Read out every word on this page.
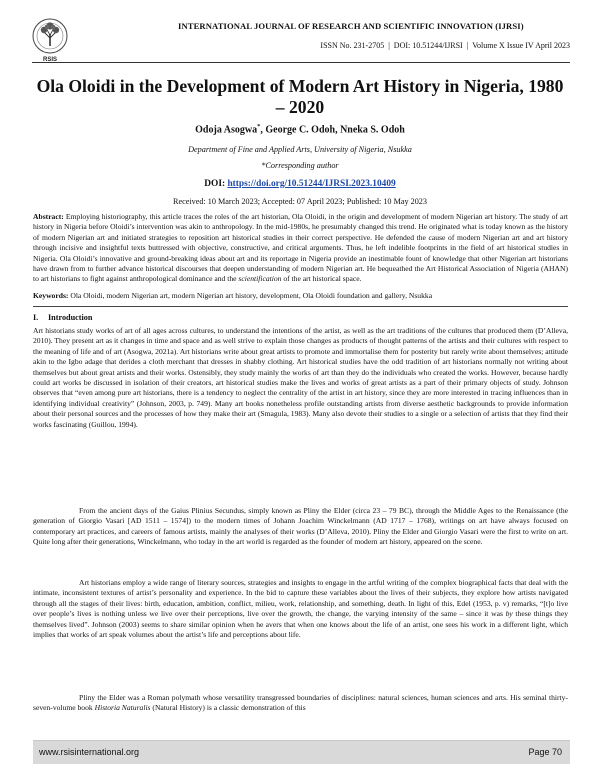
RSIS
INTERNATIONAL JOURNAL OF RESEARCH AND SCIENTIFIC INNOVATION (IJRSI)
ISSN No. 231-2705 | DOI: 10.51244/IJRSI | Volume X Issue IV April 2023
Ola Oloidi in the Development of Modern Art History in Nigeria, 1980 – 2020
Odoja Asogwa*, George C. Odoh, Nneka S. Odoh
Department of Fine and Applied Arts, University of Nigeria, Nsukka
*Corresponding author
DOI: https://doi.org/10.51244/IJRSI.2023.10409
Received: 10 March 2023; Accepted: 07 April 2023; Published: 10 May 2023

Abstract: Employing historiography, this article traces the roles of the art historian, Ola Oloidi, in the origin and development of modern Nigerian art history. The study of art history in Nigeria before Oloidi’s intervention was akin to anthropology. In the mid-1980s, he presumably changed this trend. He originated what is today known as the history of modern Nigerian art and initiated strategies to reposition art historical studies in their correct perspective. He defended the cause of modern Nigerian art and art history through incisive and insightful texts buttressed with objective, constructive, and critical arguments. Thus, he left indelible footprints in the field of art historical studies in Nigeria. Ola Oloidi’s innovative and ground-breaking ideas about art and its reportage in Nigeria provide an inestimable fount of knowledge that other Nigerian art historians have drawn from to further advance historical discourses that deepen understanding of modern Nigerian art. He bequeathed the Art Historical Association of Nigeria (AHAN) to art historians to fight against anthropological dominance and the scientification of the art historical space.

Keywords: Ola Oloidi, modern Nigerian art, modern Nigerian art history, development, Ola Oloidi foundation and gallery, Nsukka

I. Introduction

Art historians study works of art of all ages across cultures, to understand the intentions of the artist, as well as the art traditions of the cultures that produced them (D’Alleva, 2010). They present art as it changes in time and space and as well strive to explain those changes as products of thought patterns of the artists and their cultures with respect to the meaning of life and of art (Asogwa, 2021a). Art historians write about great artists to promote and immortalise them for posterity but rarely write about themselves; attitude akin to the Igbo adage that derides a cloth merchant that dresses in shabby clothing. Art historical studies have the odd tradition of art historians normally not writing about themselves but about great artists and their works. Ostensibly, they study mainly the works of art than they do the individuals who created the works. However, because hardly could art works be discussed in isolation of their creators, art historical studies make the lives and works of great artists as a part of their primary objects of study. Johnson observes that “even among pure art historians, there is a tendency to neglect the centrality of the artist in art history, since they are more interested in tracing influences than in identifying individual creativity” (Johnson, 2003, p. 749). Many art books nonetheless profile outstanding artists from diverse aesthetic backgrounds to provide information about their personal sources and the processes of how they make their art (Smagula, 1983). Many also devote their studies to a single or a selection of artists that they find their works fascinating (Guillou, 1994).

From the ancient days of the Gaius Plinius Secundus, simply known as Pliny the Elder (circa 23 – 79 BC), through the Middle Ages to the Renaissance (the generation of Giorgio Vasari [AD 1511 – 1574]) to the modern times of Johann Joachim Winckelmann (AD 1717 – 1768), writings on art have always focused on contemporary art practices, and careers of famous artists, mainly the analyses of their works (D’Alleva, 2010). Pliny the Elder and Giorgio Vasari were the first to write on art. Quite long after their generations, Winckelmann, who today in the art world is regarded as the founder of modern art history, appeared on the scene.

Art historians employ a wide range of literary sources, strategies and insights to engage in the artful writing of the complex biographical facts that deal with the intimate, inconsistent textures of artist’s personality and experience. In the bid to capture these variables about the lives of their subjects, they explore how artists navigated through all the stages of their lives: birth, education, ambition, conflict, milieu, work, relationship, and something, death. In light of this, Edel (1953, p. v) remarks, “[t]o live over people’s lives is nothing unless we live over their perceptions, live over the growth, the change, the varying intensity of the same – since it was by these things they themselves lived”. Johnson (2003) seems to share similar opinion when he avers that when one knows about the life of an artist, one sees his work in a different light, which implies that works of art speak volumes about the artist’s life and perceptions about life.

Pliny the Elder was a Roman polymath whose versatility transgressed boundaries of disciplines: natural sciences, human sciences and arts. His seminal thirty-seven-volume book Historia Naturalis (Natural History) is a classic demonstration of this

www.rsisinternational.org	Page 70
